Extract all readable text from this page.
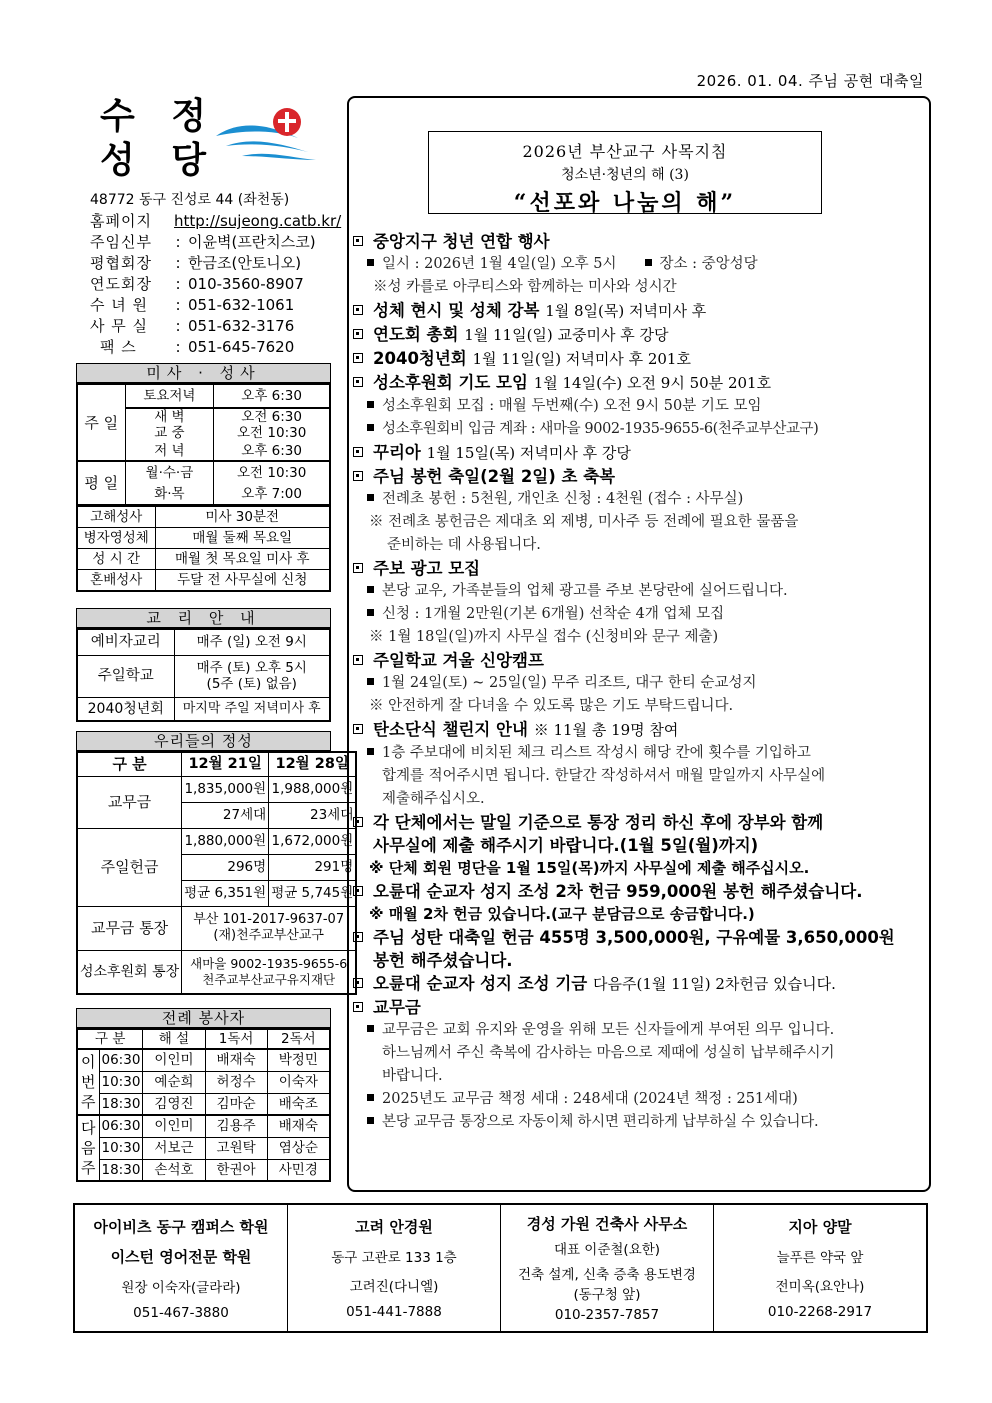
2026. 01. 04. 주님 공현 대축일
수 정
성 당
48772 동구 진성로 44 (좌천동)
홈페이지	http://sujeong.catb.kr/
주임신부	: 이윤벽(프란치스코)
평협회장	: 한금조(안토니오)
연도회장	: 010-3560-8907
수 녀 원	: 051-632-1061
사 무 실	: 051-632-3176
팩 스	: 051-645-7620
미사 · 성사
주 일	토요저녁	오후 6:30
	새 벽	오전 6:30
	교 중	오전 10:30
	저 녁	오후 6:30
평 일	월·수·금	오전 10:30
	화·목	오후 7:00
고해성사	미사 30분전
병자영성체	매월 둘째 목요일
성 시 간	매월 첫 목요일 미사 후
혼배성사	두달 전 사무실에 신청
교 리 안 내
예비자교리	매주 (일) 오전 9시
주일학교	매주 (토) 오후 5시
(5주 (토) 없음)

2040청년회	마지막 주일 저녁미사 후
우리들의 정성
구 분	12월 21일	12월 28일
교무금	1,835,000원	1,988,000원
	27세대	23세대
주일헌금	1,880,000원	1,672,000원
	296명	291명
	평균 6,351원	평균 5,745원
교무금 통장	부산 101-2017-9637-07
(재)천주교부산교구	

성소후원회 통장	새마을 9002-1935-9655-6
천주교부산교구유지재단	
전례 봉사자
구 분		해 설	1독서	2독서
이번주	06:30	이인미	배재숙	박정민
	10:30	예순희	허정수	이숙자
	18:30	김영진	김마순	배숙조
다음주	06:30	이인미	김용주	배재숙
	10:30	서보근	고원탁	염상순
	18:30	손석호	한권아	사민경
2026년 부산교구 사목지침
청소년·청년의 해 (3)
“선포와 나눔의 해”
중앙지구 청년 연합 행사
일시 : 2026년 1월 4일(일) 오후 5시	장소 : 중앙성당
※성 카를로 아쿠티스와 함께하는 미사와 성시간
성체 현시 및 성체 강복 1월 8일(목) 저녁미사 후
연도회 총회 1월 11일(일) 교중미사 후 강당
2040청년회 1월 11일(일) 저녁미사 후 201호
성소후원회 기도 모임 1월 14일(수) 오전 9시 50분 201호
성소후원회 모집 : 매월 두번째(수) 오전 9시 50분 기도 모임
성소후원회비 입금 계좌 : 새마을 9002-1935-9655-6(천주교부산교구)
꾸리아 1월 15일(목) 저녁미사 후 강당
주님 봉헌 축일(2월 2일) 초 축복
전례초 봉헌 : 5천원, 개인초 신청 : 4천원 (접수 : 사무실)
※ 전례초 봉헌금은 제대초 외 제병, 미사주 등 전례에 필요한 물품을
준비하는 데 사용됩니다.
주보 광고 모집
본당 교우, 가족분들의 업체 광고를 주보 본당란에 실어드립니다.
신청 : 1개월 2만원(기본 6개월) 선착순 4개 업체 모집
※ 1월 18일(일)까지 사무실 접수 (신청비와 문구 제출)
주일학교 겨울 신앙캠프
1월 24일(토) ~ 25일(일) 무주 리조트, 대구 한티 순교성지
※ 안전하게 잘 다녀올 수 있도록 많은 기도 부탁드립니다.
탄소단식 챌린지 안내 ※ 11월 총 19명 참여
1층 주보대에 비치된 체크 리스트 작성시 해당 칸에 횟수를 기입하고
합계를 적어주시면 됩니다. 한달간 작성하셔서 매월 말일까지 사무실에
제출해주십시오.
각 단체에서는 말일 기준으로 통장 정리 하신 후에 장부와 함께
사무실에 제출 해주시기 바랍니다.(1월 5일(월)까지)
※ 단체 회원 명단을 1월 15일(목)까지 사무실에 제출 해주십시오.
오륜대 순교자 성지 조성 2차 헌금 959,000원 봉헌 해주셨습니다.
※ 매월 2차 헌금 있습니다.(교구 분담금으로 송금합니다.)
주님 성탄 대축일 헌금 455명 3,500,000원, 구유예물 3,650,000원
봉헌 해주셨습니다.
오륜대 순교자 성지 조성 기금 다음주(1월 11일) 2차헌금 있습니다.
교무금
교무금은 교회 유지와 운영을 위해 모든 신자들에게 부여된 의무 입니다.
하느님께서 주신 축복에 감사하는 마음으로 제때에 성실히 납부해주시기
바랍니다.
2025년도 교무금 책정 세대 : 248세대 (2024년 책정 : 251세대)
본당 교무금 통장으로 자동이체 하시면 편리하게 납부하실 수 있습니다.
아이비츠 동구 캠퍼스 학원
이스턴 영어전문 학원
원장 이숙자(글라라)
051-467-3880
고려 안경원
동구 고관로 133 1층
고려진(다니엘)
051-441-7888
경성 가원 건축사 사무소
대표 이준철(요한)
건축 설계, 신축 증축 용도변경
(동구청 앞)
010-2357-7857
지아 양말
늘푸른 약국 앞
전미옥(요안나)
010-2268-2917
